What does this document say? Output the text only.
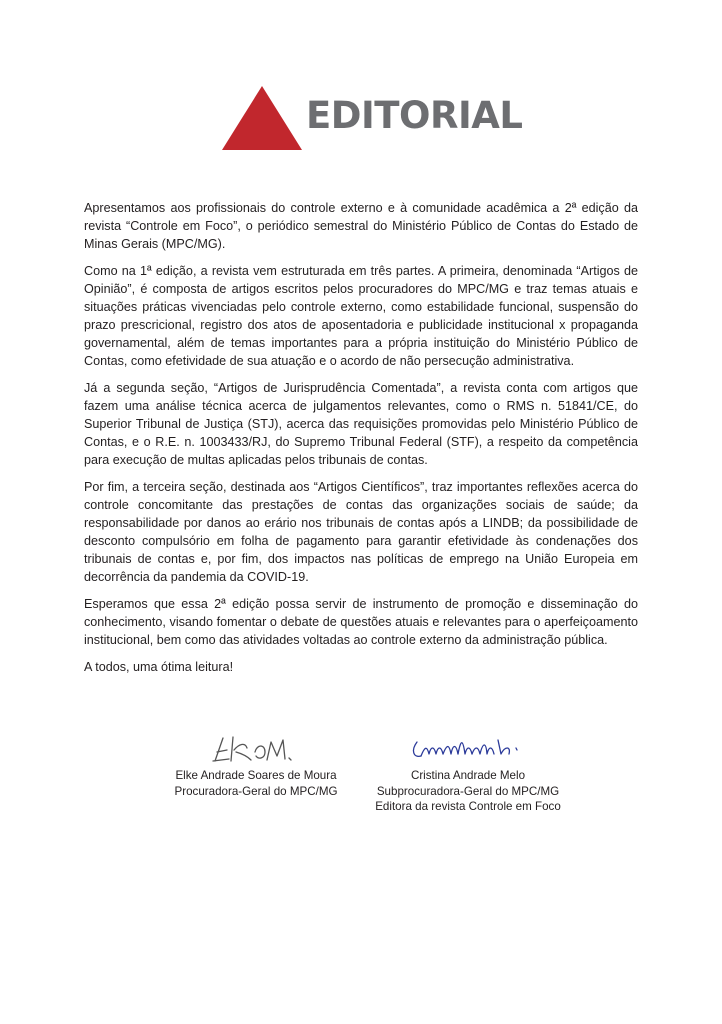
EDITORIAL

Apresentamos aos profissionais do controle externo e à comunidade acadêmica a 2ª edição da revista “Controle em Foco”, o periódico semestral do Ministério Público de Contas do Estado de Minas Gerais (MPC/MG).

Como na 1ª edição, a revista vem estruturada em três partes. A primeira, denominada “Artigos de Opinião”, é composta de artigos escritos pelos procuradores do MPC/MG e traz temas atuais e situações práticas vivenciadas pelo controle externo, como estabilidade funcional, suspensão do prazo prescricional, registro dos atos de aposentadoria e publicidade institucional x propaganda governamental, além de temas importantes para a própria instituição do Ministério Público de Contas, como efetividade de sua atuação e o acordo de não persecução administrativa.

Já a segunda seção, “Artigos de Jurisprudência Comentada”, a revista conta com artigos que fazem uma análise técnica acerca de julgamentos relevantes, como o RMS n. 51841/CE, do Superior Tribunal de Justiça (STJ), acerca das requisições promovidas pelo Ministério Público de Contas, e o R.E. n. 1003433/RJ, do Supremo Tribunal Federal (STF), a respeito da competência para execução de multas aplicadas pelos tribunais de contas.

Por fim, a terceira seção, destinada aos “Artigos Científicos”, traz importantes reflexões acerca do controle concomitante das prestações de contas das organizações sociais de saúde; da responsabilidade por danos ao erário nos tribunais de contas após a LINDB; da possibilidade de desconto compulsório em folha de pagamento para garantir efetividade às condenações dos tribunais de contas e, por fim, dos impactos nas políticas de emprego na União Europeia em decorrência da pandemia da COVID-19.

Esperamos que essa 2ª edição possa servir de instrumento de promoção e disseminação do conhecimento, visando fomentar o debate de questões atuais e relevantes para o aperfeiçoamento institucional, bem como das atividades voltadas ao controle externo da administração pública.

A todos, uma ótima leitura!

Elke Andrade Soares de Moura
Procuradora-Geral do MPC/MG
Cristina Andrade Melo
Subprocuradora-Geral do MPC/MG
Editora da revista Controle em Foco
